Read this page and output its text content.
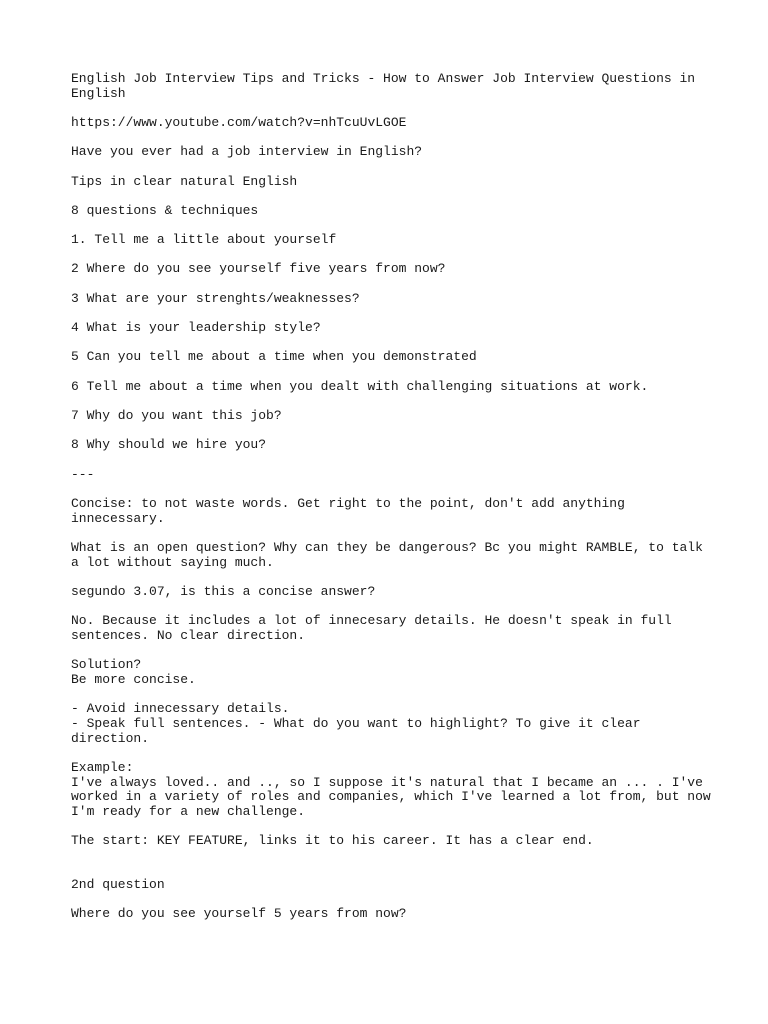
English Job Interview Tips and Tricks - How to Answer Job Interview Questions in English

https://www.youtube.com/watch?v=nhTcuUvLGOE

Have you ever had a job interview in English?

Tips in clear natural English

8 questions & techniques

1. Tell me a little about yourself

2 Where do you see yourself five years from now?

3 What are your strenghts/weaknesses?

4 What is your leadership style?

5 Can you tell me about a time when you demonstrated

6 Tell me about a time when you dealt with challenging situations at work.

7 Why do you want this job?

8 Why should we hire you?

---

Concise: to not waste words. Get right to the point, don't add anything innecessary.

What is an open question? Why can they be dangerous? Bc you might RAMBLE, to talk a lot without saying much.

segundo 3.07, is this a concise answer?

No. Because it includes a lot of innecesary details. He doesn't speak in full sentences. No clear direction.

Solution?
Be more concise.

- Avoid innecessary details.
- Speak full sentences. - What do you want to highlight? To give it clear direction.

Example:
I've always loved.. and .., so I suppose it's natural that I became an ... . I've worked in a variety of roles and companies, which I've learned a lot from, but now I'm ready for a new challenge.

The start: KEY FEATURE, links it to his career. It has a clear end.

2nd question

Where do you see yourself 5 years from now?
